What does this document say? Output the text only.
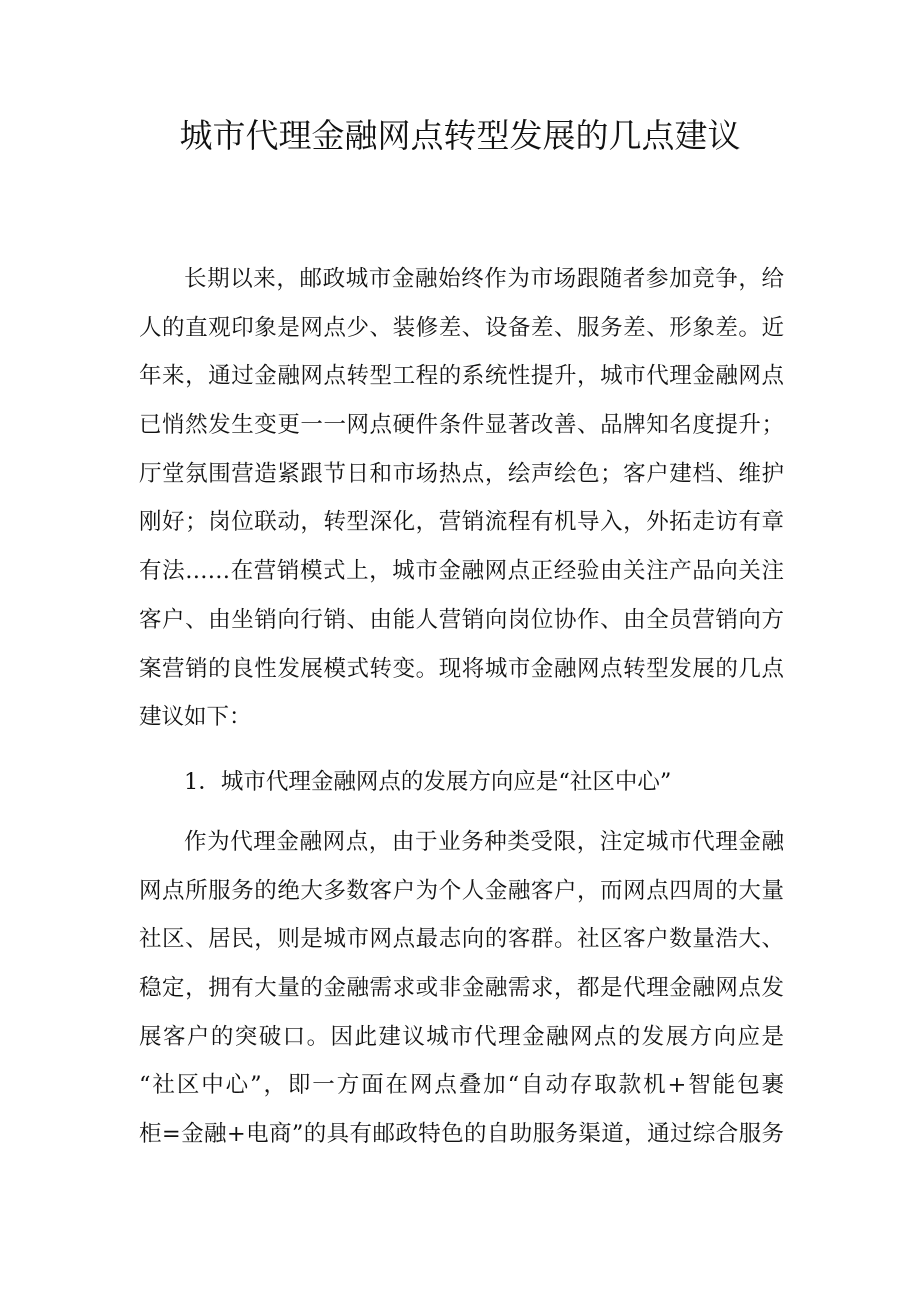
城市代理金融网点转型发展的几点建议
长期以来，邮政城市金融始终作为市场跟随者参加竞争，给
人的直观印象是网点少、装修差、设备差、服务差、形象差。近
年来，通过金融网点转型工程的系统性提升，城市代理金融网点
已悄然发生变更一一网点硬件条件显著改善、品牌知名度提升；
厅堂氛围营造紧跟节日和市场热点，绘声绘色；客户建档、维护
刚好；岗位联动，转型深化，营销流程有机导入，外拓走访有章
有法……在营销模式上，城市金融网点正经验由关注产品向关注
客户、由坐销向行销、由能人营销向岗位协作、由全员营销向方
案营销的良性发展模式转变。现将城市金融网点转型发展的几点
建议如下：
1．城市代理金融网点的发展方向应是“社区中心”
作为代理金融网点，由于业务种类受限，注定城市代理金融
网点所服务的绝大多数客户为个人金融客户，而网点四周的大量
社区、居民，则是城市网点最志向的客群。社区客户数量浩大、
稳定，拥有大量的金融需求或非金融需求，都是代理金融网点发
展客户的突破口。因此建议城市代理金融网点的发展方向应是
“社区中心”，即一方面在网点叠加“自动存取款机+智能包裹
柜=金融+电商”的具有邮政特色的自助服务渠道，通过综合服务
